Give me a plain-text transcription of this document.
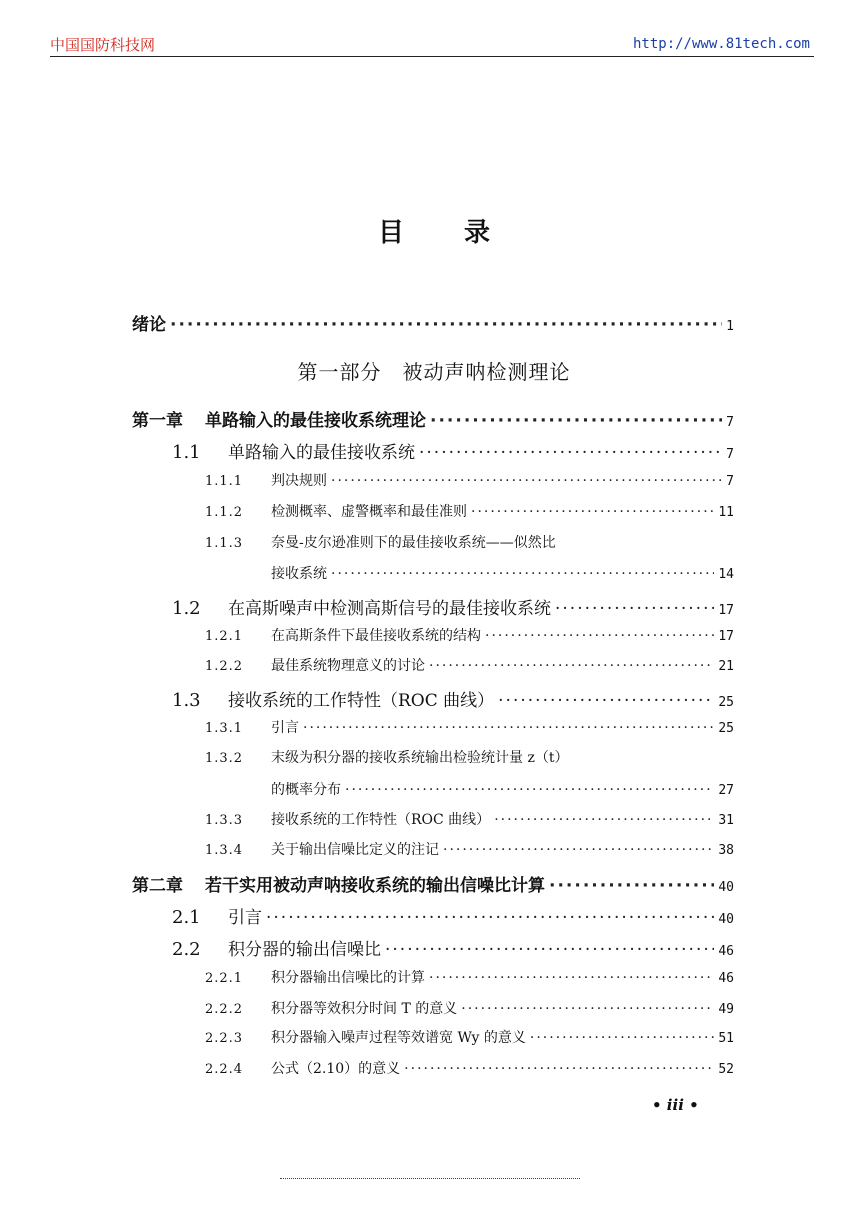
中国国防科技网	http://www.81tech.com
目录
第一部分　被动声呐检测理论
绪论 ·····	1
第一章 单路输入的最佳接收系统理论 ·····	7
1.1 单路输入的最佳接收系统 ·····	7
1.1.1 判决规则 ·····	7
1.1.2 检测概率、虚警概率和最佳准则 ·····	11
1.1.3 奈曼-皮尔逊准则下的最佳接收系统——似然比
接收系统 ·····	14
1.2 在高斯噪声中检测高斯信号的最佳接收系统 ·····	17
1.2.1 在高斯条件下最佳接收系统的结构 ·····	17
1.2.2 最佳系统物理意义的讨论 ·····	21
1.3 接收系统的工作特性（ROC 曲线） ·····	25
1.3.1 引言 ·····	25
1.3.2 末级为积分器的接收系统输出检验统计量 z（t）
的概率分布 ·····	27
1.3.3 接收系统的工作特性（ROC 曲线） ·····	31
1.3.4 关于输出信噪比定义的注记 ·····	38
第二章 若干实用被动声呐接收系统的输出信噪比计算 ·····	40
2.1 引言 ·····	40
2.2 积分器的输出信噪比 ·····	46
2.2.1 积分器输出信噪比的计算 ·····	46
2.2.2 积分器等效积分时间 T 的意义 ·····	49
2.2.3 积分器输入噪声过程等效谱宽 Wy 的意义 ·····	51
2.2.4 公式（2.10）的意义 ·····	52
• iii •
